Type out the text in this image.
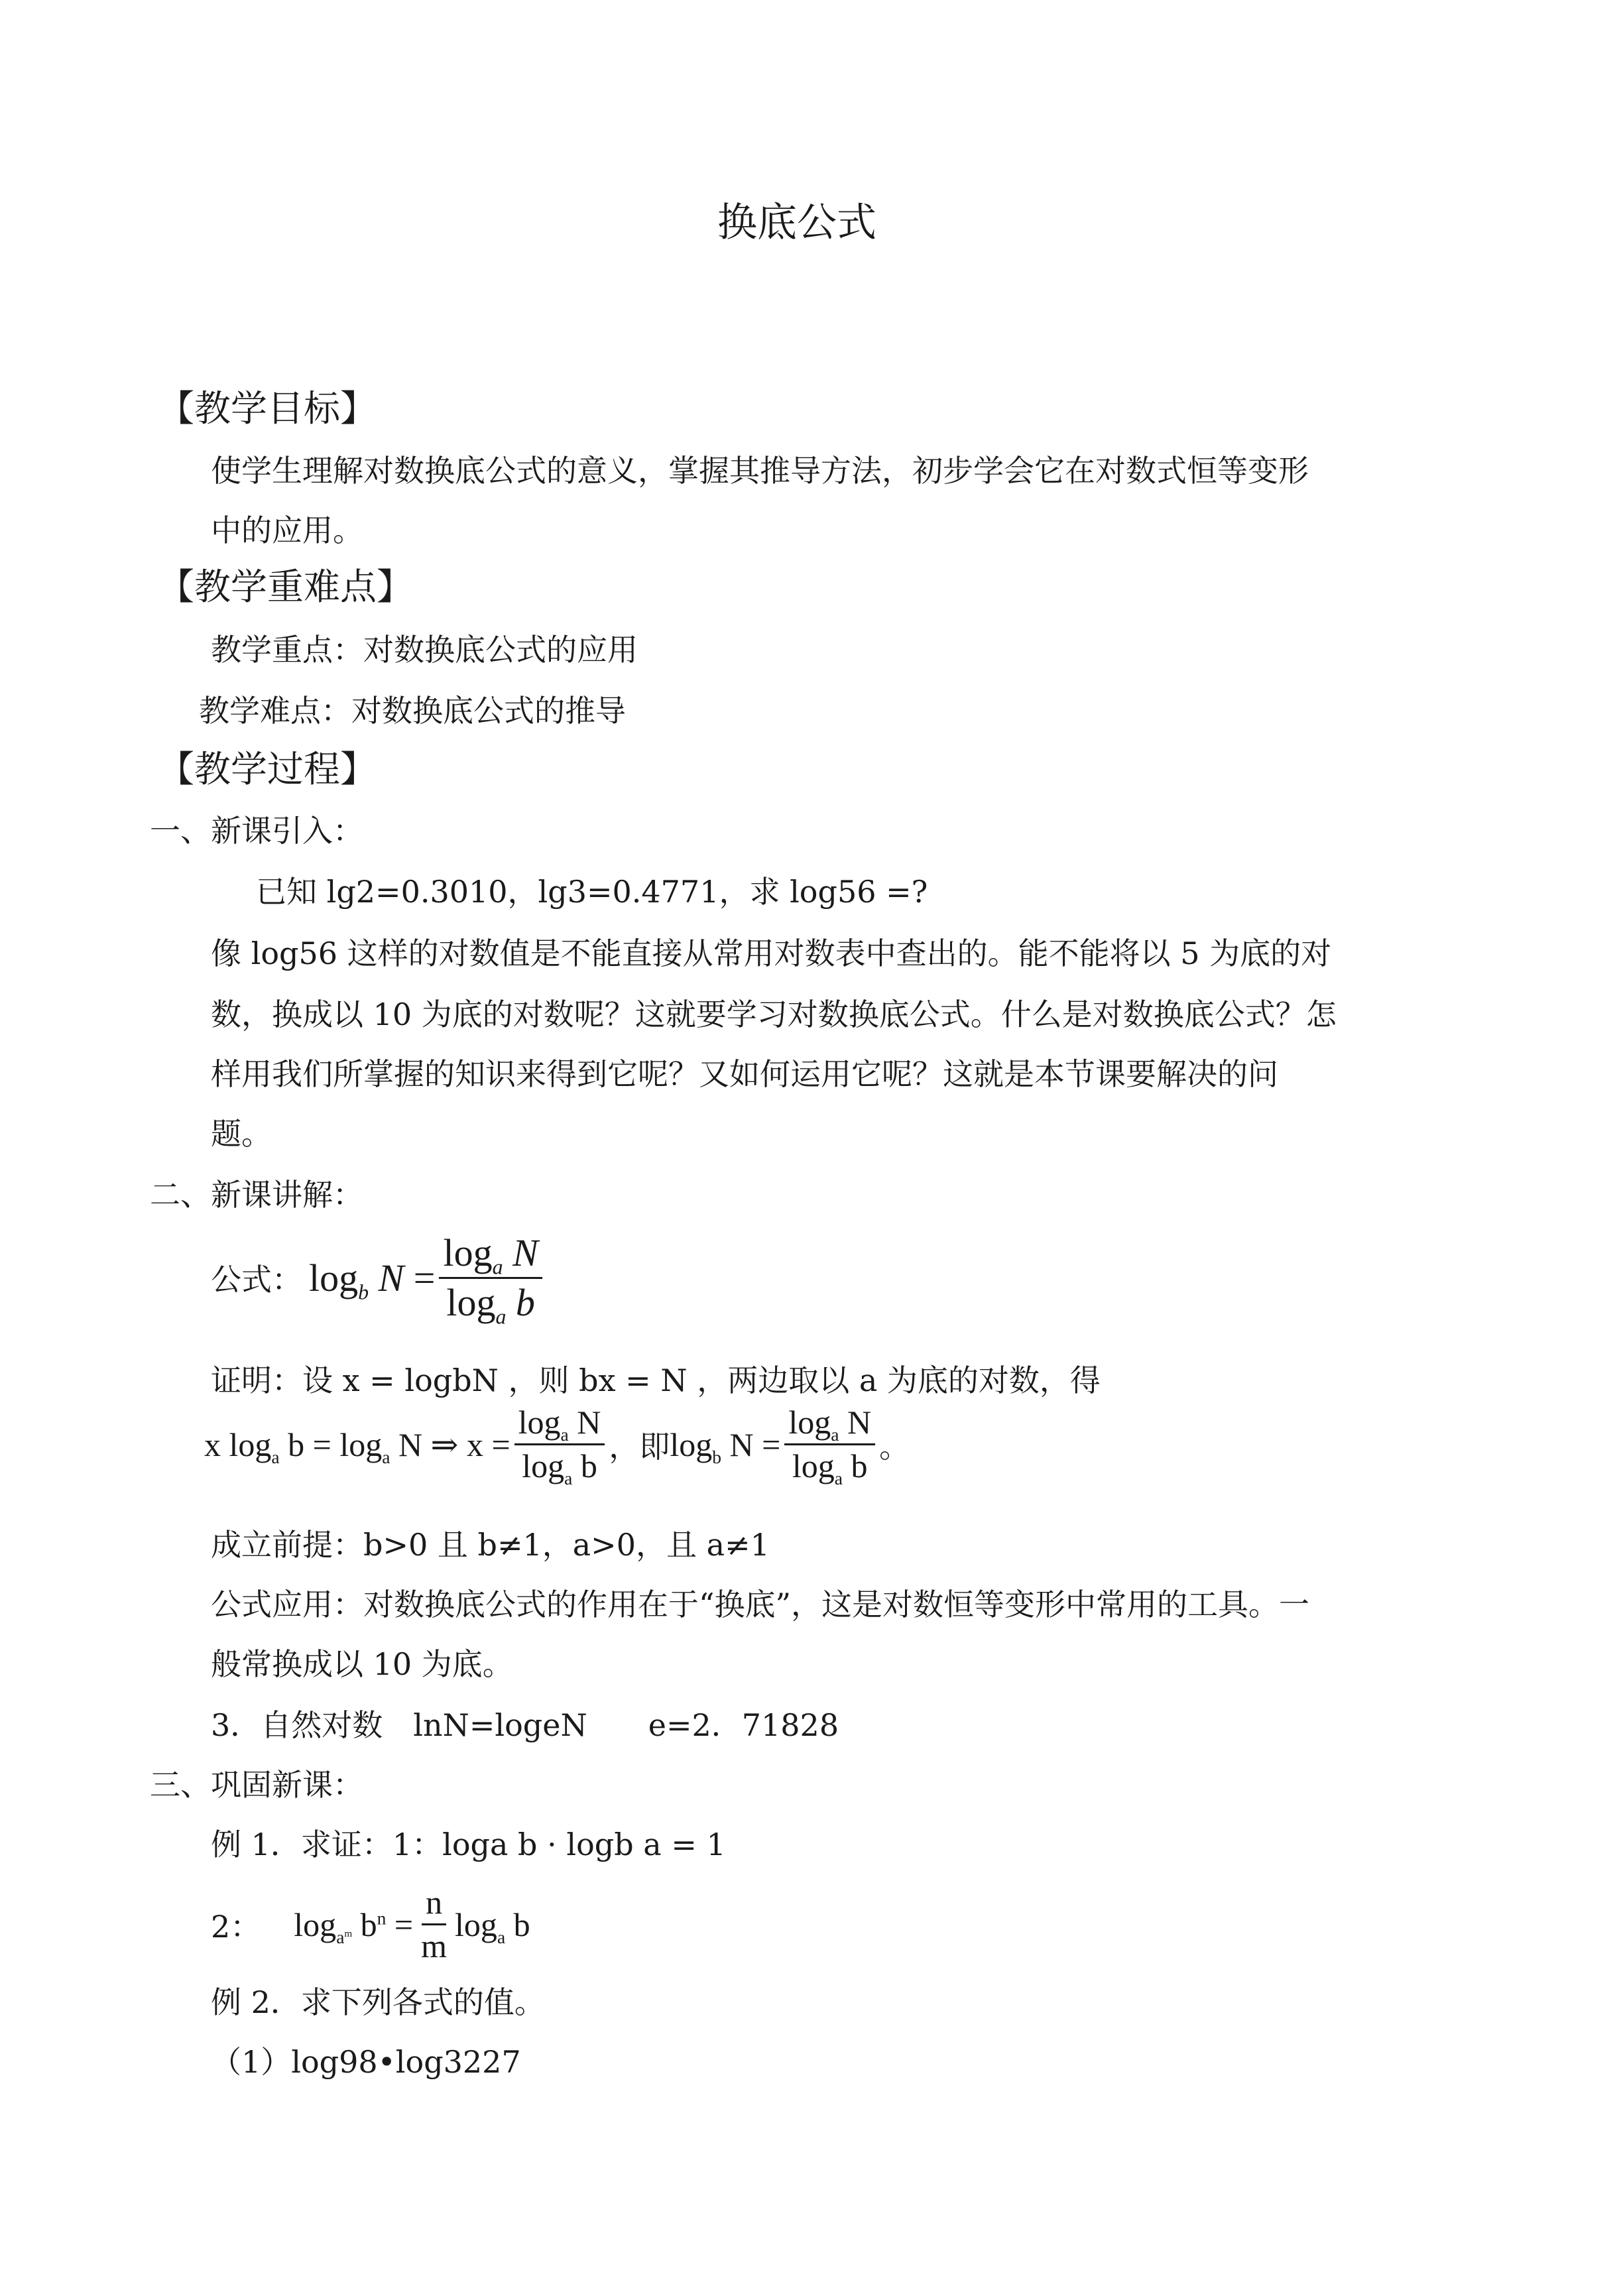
换底公式
【教学目标】
使学生理解对数换底公式的意义，掌握其推导方法，初步学会它在对数式恒等变形
中的应用。
【教学重难点】
教学重点：对数换底公式的应用
教学难点：对数换底公式的推导
【教学过程】
一、新课引入：
已知 lg2=0.3010，lg3=0.4771，求 log56 =?
像 log56 这样的对数值是不能直接从常用对数表中查出的。能不能将以 5 为底的对
数，换成以 10 为底的对数呢？这就要学习对数换底公式。什么是对数换底公式？怎
样用我们所掌握的知识来得到它呢？又如何运用它呢？这就是本节课要解决的问
题。
二、新课讲解：
公式： $\log_b N = \frac{\log_a N}{\log_a b}$
证明：设 x = logbN ，则 bx = N ，两边取以 a 为底的对数，得
x $\log_a b = \log_a N$ ⇒ $x = \frac{\log_a N}{\log_a b}$ ，即 $\log_b N = \frac{\log_a N}{\log_a b}$ 。
成立前提：b>0 且 b≠1，a>0，且 a≠1
公式应用：对数换底公式的作用在于“换底”，这是对数恒等变形中常用的工具。一
般常换成以 10 为底。
3．自然对数　lnN=logeN　　e=2．71828
三、巩固新课：
例 1．求证：1：loga b · logb a = 1
2： $\log_{a^m} b^n = \frac{n}{m} \log_a b$
例 2．求下列各式的值。
（1）log98•log3227
